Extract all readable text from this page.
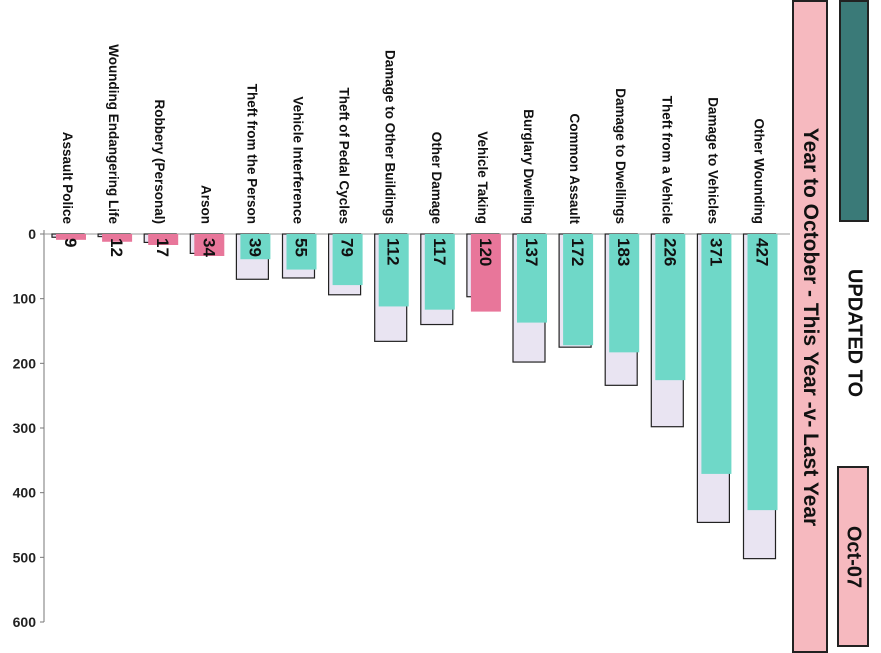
0
100
200
300
400
500
600
Assault Police Wounding Endangering Life Robbery (Personal) Arson Theft from the Person Vehicle Interference Theft of Pedal Cycles Damage to Other Buildings Other Damage Vehicle Taking Burglary Dwelling Common Assault Damage to Dwellings Theft from a Vehicle Damage to Vehicles Other Wounding
9 12 17 34 39 55 79 112 117 120 137 172 183 226 371 427 Year to October - This Year -v- Last Year UPDATED TO
Oct-07
